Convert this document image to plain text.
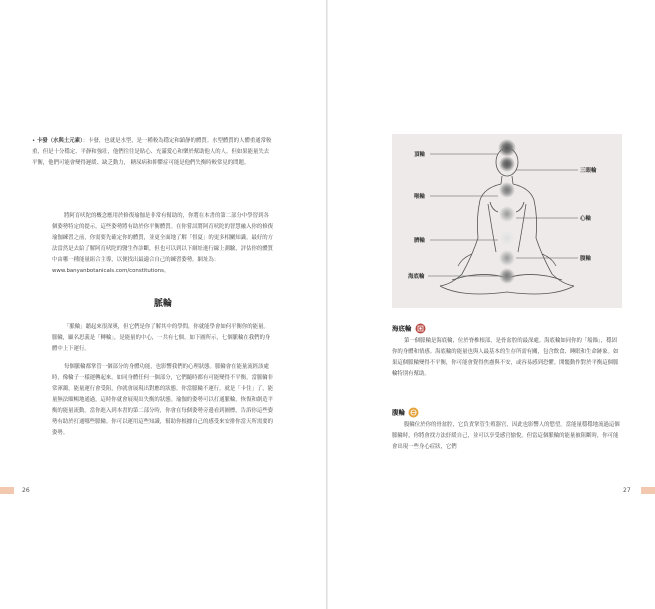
• 卡發（水與土元素）：卡發，也就是水型，是一種較為穩定和鎮靜的體質。水型體質的人體重通常較重，但是十分穩定、平靜和強壯，他們往往是貼心、充滿愛心和樂於幫助他人的人。但如果能量失去平衡，他們可能會變得遲緩、缺乏動力， 糖尿病和抑鬱症可能是他們失衡時較常見的問題。
將阿育吠陀的概念應用於修復瑜伽是非常有幫助的，你將在本書的第二部分中學習到各個姿勢特定的提示，這些姿勢將有助於你平衡體質。在你嘗試將阿育吠陀的智慧融入你的修復瑜伽練習之前，你需要先確定你的體質，並更全面地了解「督夏」的更多相關知識。最好的方法當然是去給了解阿育吠陀的醫生作診斷，但也可以到以下網址進行線上測驗，評估你的體質中由哪一種能量組合主導，以便找出最適合自己的練習姿勢。網址為：www.banyanbotanicals.com/constitutions。
脈輪
「脈輪」聽起來很深奧，但它們是你了解其中的學問，你就能學會如何平衡你的能量。脈輪，顧名思義是「轉輪」，是能量的中心，一共有七個。如下圖所示，七個脈輪在我們的身體中上下運行。
每個脈輪都掌管一個部分的身體功能，也影響我們的心理狀態。脈輪會在能量流經該處時，像輪子一樣運轉起來。如同身體任何一個部分，它們隨時都有可能變得不平衡。當脈輪非常渾濁，能量運行會受阻，你就會展現出對應的狀態。你當脈輪不運行，就是「卡住」了，能量無法順暢地通過，這時你就會展現出失衡的狀態。瑜伽的姿勢可以打通脈輪，恢復和創造平衡的能量流動。當你進入到本書的第二部分時，你會在每個姿勢旁邊看到圖標，告訴你這些姿勢有助於打通哪些脈輪。你可以運用這些知識，幫助你根據自己的感受來安排你當天所需要的姿勢。
26
頂輪
三眼輪
喉輪
心輪
臍輪
腹輪
海底輪
海底輪
第一個脈輪是海底輪，位於脊椎根部，是骨盆腔的最深處。海底輪如同你的「船錨」，穩固你的身體和情感。海底輪的能量也與人最基本的生存所需有關，包含飲食、睡眠和生命跡象。如果這個脈輪變得不平衡，你可能會覺得焦慮與不安，或容易感到恐懼。開髖動作對於平衡這個脈輪特別有幫助。
腹輪
腹輪位於你的骨盆腔，它負責掌管生殖器官，因此也影響人的慾望。當能量穩穩地流過這個脈輪時，你將會找方法紓緩自己，並可以享受感官愉悅。但當這個脈輪的能量被阻斷時，你可能會出現一些身心症狀，它們
27
